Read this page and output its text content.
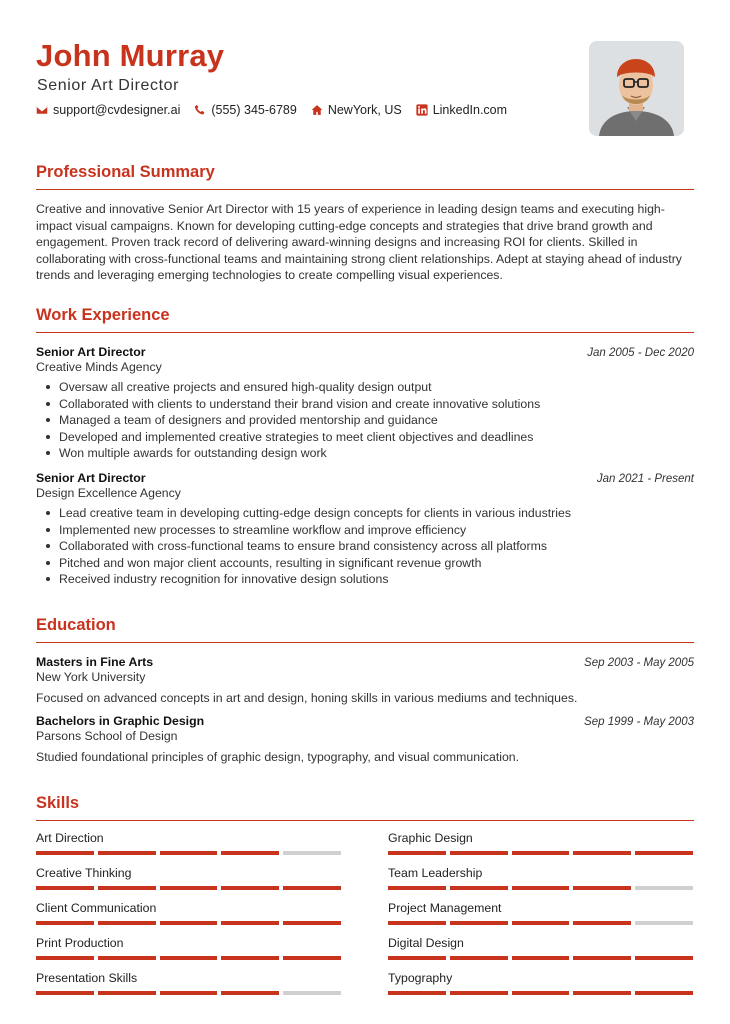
John Murray
Senior Art Director
support@cvdesigner.ai (555) 345-6789 NewYork, US LinkedIn.com
Professional Summary
Creative and innovative Senior Art Director with 15 years of experience in leading design teams and executing high-impact visual campaigns. Known for developing cutting-edge concepts and strategies that drive brand growth and engagement. Proven track record of delivering award-winning designs and increasing ROI for clients. Skilled in collaborating with cross-functional teams and maintaining strong client relationships. Adept at staying ahead of industry trends and leveraging emerging technologies to create compelling visual experiences.
Work Experience
Senior Art Director	Jan 2005 - Dec 2020
Creative Minds Agency
Oversaw all creative projects and ensured high-quality design output
Collaborated with clients to understand their brand vision and create innovative solutions
Managed a team of designers and provided mentorship and guidance
Developed and implemented creative strategies to meet client objectives and deadlines
Won multiple awards for outstanding design work
Senior Art Director	Jan 2021 - Present
Design Excellence Agency
Lead creative team in developing cutting-edge design concepts for clients in various industries
Implemented new processes to streamline workflow and improve efficiency
Collaborated with cross-functional teams to ensure brand consistency across all platforms
Pitched and won major client accounts, resulting in significant revenue growth
Received industry recognition for innovative design solutions
Education
Masters in Fine Arts	Sep 2003 - May 2005
New York University
Focused on advanced concepts in art and design, honing skills in various mediums and techniques.
Bachelors in Graphic Design	Sep 1999 - May 2003
Parsons School of Design
Studied foundational principles of graphic design, typography, and visual communication.
Skills
Art Direction	Graphic Design
Creative Thinking	Team Leadership
Client Communication	Project Management
Print Production	Digital Design
Presentation Skills	Typography
